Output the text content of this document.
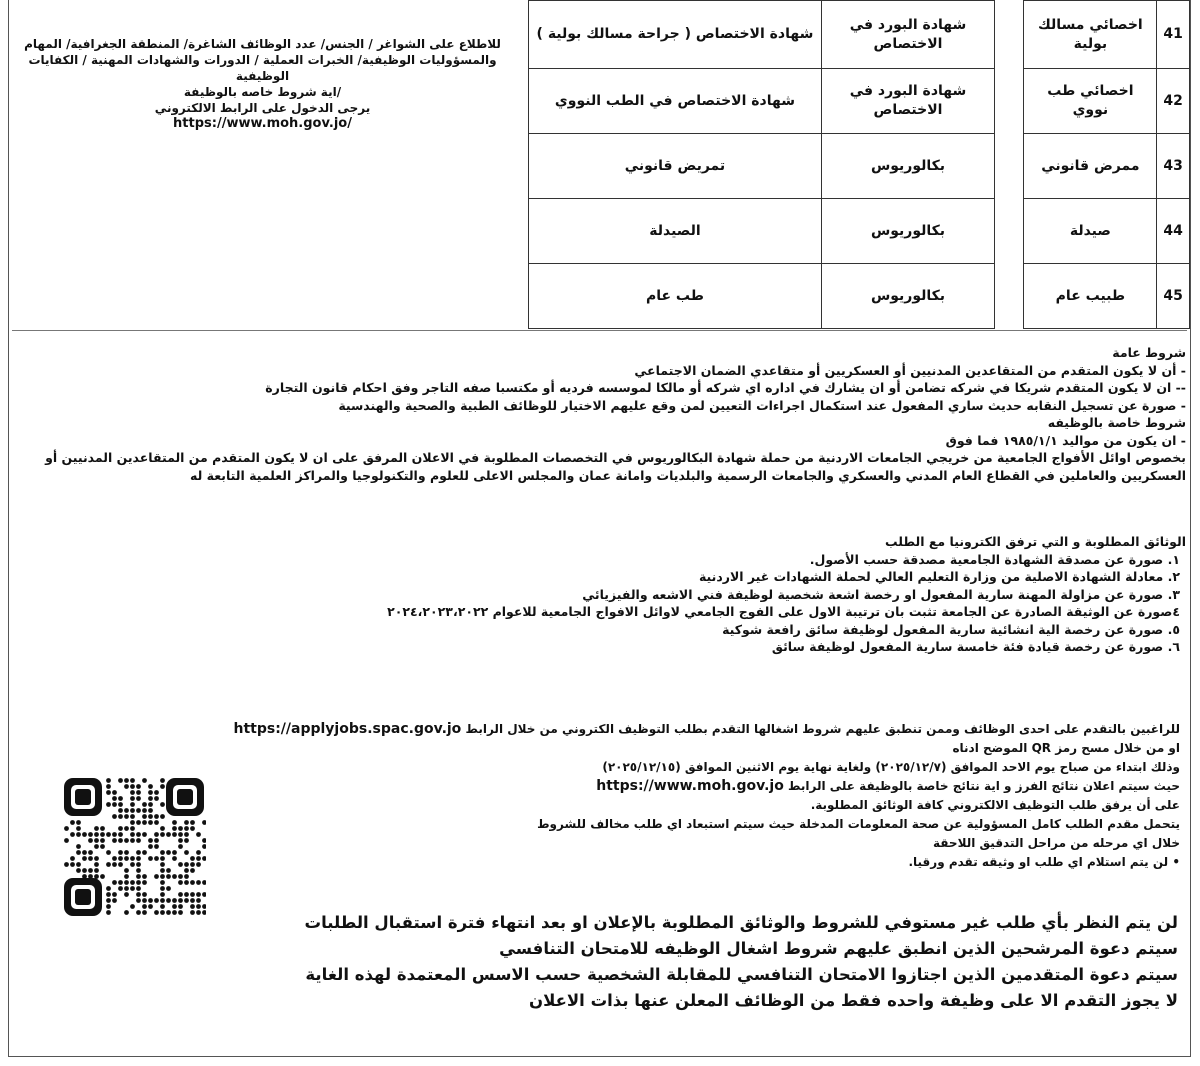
شهادة الاختصاص ( جراحة مسالك بولية )	شهادة البورد في الاختصاص		اخصائي مسالك بولية	41
شهادة الاختصاص في الطب النووي	شهادة البورد في الاختصاص		اخصائي طب نووي	42
تمريض قانوني	بكالوريوس		ممرض قانوني	43
الصيدلة	بكالوريوس		صيدلة	44
طب عام	بكالوريوس		طبيب عام	45
للاطلاع على الشواغر / الجنس/ عدد الوظائف الشاغرة/ المنطقة الجغرافية/ المهام
والمسؤوليات الوظيفية/ الخبرات العملية / الدورات والشهادات المهنية / الكفايات الوظيفية
/اية شروط خاصه بالوظيفة
يرجى الدخول على الرابط الالكتروني
https://www.moh.gov.jo/
شروط عامة
- أن لا يكون المتقدم من المتقاعدين المدنيين أو العسكريين أو متقاعدي الضمان الاجتماعي
-- ان لا يكون المتقدم شريكا في شركه تضامن أو ان يشارك في اداره اي شركه أو مالكا لموسسه فرديه أو مكتسبا صفه التاجر وفق احكام قانون التجارة
- صورة عن تسجيل النقابه حديث ساري المفعول عند استكمال اجراءات التعيين لمن وقع عليهم الاختيار للوظائف الطبية والصحية والهندسية
شروط خاصة بالوظيفه
- ان يكون من مواليد ١٩٨٥/١/١ فما فوق
بخصوص اوائل الأفواج الجامعية من خريجي الجامعات الاردنية من حملة شهادة البكالوريوس في التخصصات المطلوبة في الاعلان المرفق على ان لا يكون المتقدم من المتقاعدين المدنيين أو العسكريين والعاملين في القطاع العام المدني والعسكري والجامعات الرسمية والبلديات وامانة عمان والمجلس الاعلى للعلوم والتكنولوجيا والمراكز العلمية التابعة له
الوثائق المطلوبة و التي ترفق الكترونيا مع الطلب
١. صورة عن مصدقة الشهادة الجامعية مصدقة حسب الأصول.
٢. معادلة الشهادة الاصلية من وزارة التعليم العالي لحملة الشهادات غير الاردنية
٣. صورة عن مزاولة المهنة سارية المفعول او رخصة اشعة شخصية لوظيفة فني الاشعه والفيزيائي
٤صورة عن الوثيقة الصادرة عن الجامعة تثبت بان ترتيبة الاول على الفوج الجامعي لاوائل الافواج الجامعية للاعوام ٢٠٢٤،٢٠٢٣،٢٠٢٢
٥. صورة عن رخصة الية انشائية سارية المفعول لوظيفة سائق رافعة شوكية
٦. صورة عن رخصة قيادة فئة خامسة سارية المفعول لوظيفة سائق
للراغبين بالتقدم على احدى الوظائف وممن تنطبق عليهم شروط اشغالها التقدم بطلب التوظيف الكتروني من خلال الرابط https://applyjobs.spac.gov.jo
او من خلال مسح رمز QR الموضح ادناه
وذلك ابتداء من صباح يوم الاحد الموافق (٢٠٢٥/١٢/٧) ولغاية نهاية يوم الاثنين الموافق (٢٠٢٥/١٢/١٥)
حيث سيتم اعلان نتائج الفرز و اية نتائج خاصة بالوظيفة على الرابط https://www.moh.gov.jo
على أن يرفق طلب التوظيف الالكتروني كافة الوثائق المطلوبة.
يتحمل مقدم الطلب كامل المسؤولية عن صحة المعلومات المدخلة حيث سيتم استبعاد اي طلب مخالف للشروط
خلال اي مرحله من مراحل التدقيق اللاحقة
• لن يتم استلام اي طلب او وثيقه تقدم ورقيا.
لن يتم النظر بأي طلب غير مستوفي للشروط والوثائق المطلوبة بالإعلان او بعد انتهاء فترة استقبال الطلبات
سيتم دعوة المرشحين الذين انطبق عليهم شروط اشغال الوظيفه للامتحان التنافسي
سيتم دعوة المتقدمين الذين اجتازوا الامتحان التنافسي للمقابلة الشخصية حسب الاسس المعتمدة لهذه الغاية
لا يجوز التقدم الا على وظيفة واحده فقط من الوظائف المعلن عنها بذات الاعلان
